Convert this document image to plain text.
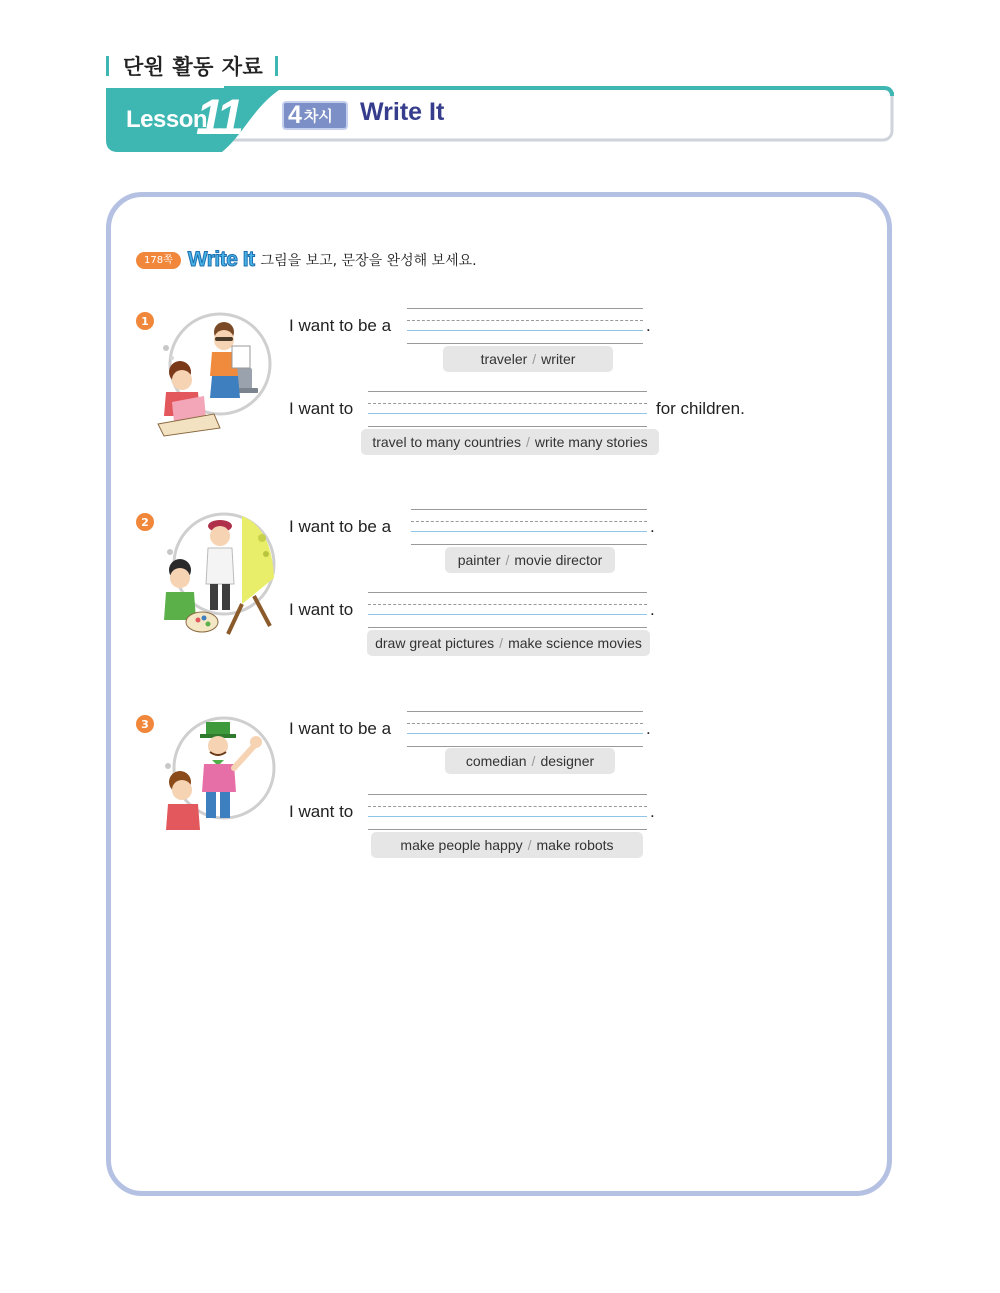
단원 활동 자료
Lesson
11 4 차시 Write It
178쪽 Write It 그림을 보고, 문장을 완성해 보세요.
1	I want to be a	.
traveler / writer
I want to	for children.
travel to many countries / write many stories
2	I want to be a	.
painter / movie director
I want to	.
draw great pictures / make science movies
3	I want to be a	.
comedian / designer
I want to	.
make people happy / make robots
